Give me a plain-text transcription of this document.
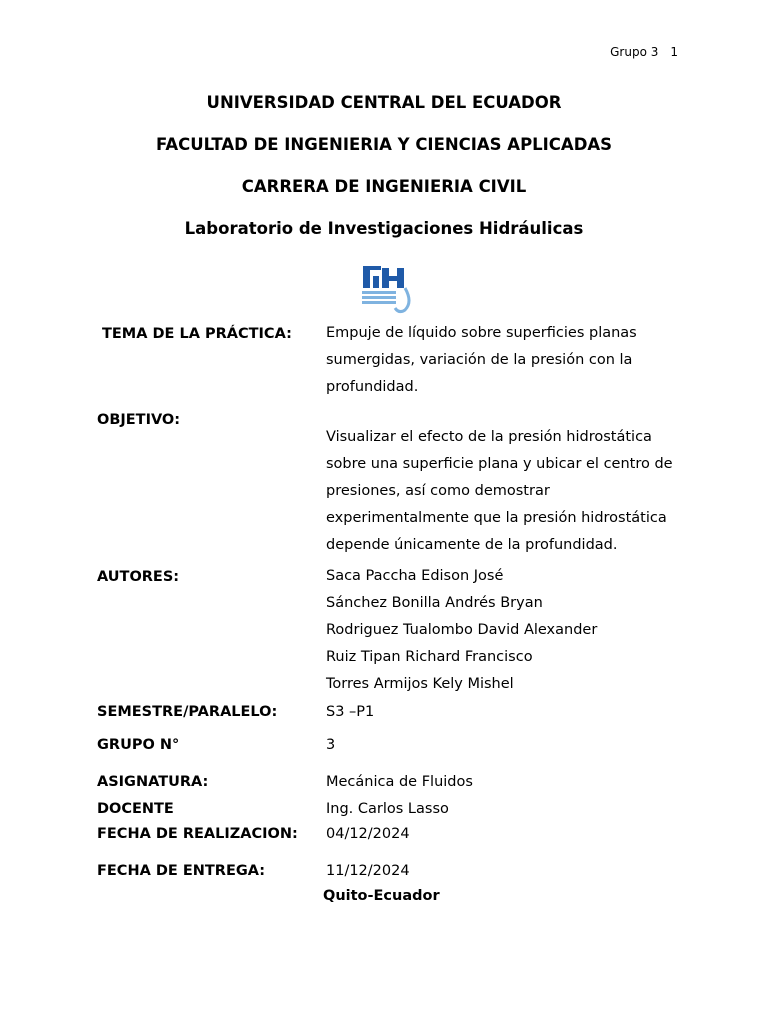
Grupo 3 1
UNIVERSIDAD CENTRAL DEL ECUADOR
FACULTAD DE INGENIERIA Y CIENCIAS APLICADAS
CARRERA DE INGENIERIA CIVIL
Laboratorio de Investigaciones Hidráulicas
TEMA DE LA PRÁCTICA: Empuje de líquido sobre superficies planas
sumergidas, variación de la presión con la
profundidad.
OBJETIVO:
Visualizar el efecto de la presión hidrostática
sobre una superficie plana y ubicar el centro de
presiones, así como demostrar
experimentalmente que la presión hidrostática
depende únicamente de la profundidad.
AUTORES:	Saca Paccha Edison José
Sánchez Bonilla Andrés Bryan
Rodriguez Tualombo David Alexander
Ruiz Tipan Richard Francisco
Torres Armijos Kely Mishel
SEMESTRE/PARALELO:	S3 –P1
GRUPO N°	3
ASIGNATURA:	Mecánica de Fluidos
DOCENTE	Ing. Carlos Lasso
FECHA DE REALIZACION: 04/12/2024
FECHA DE ENTREGA:	11/12/2024
Quito-Ecuador
